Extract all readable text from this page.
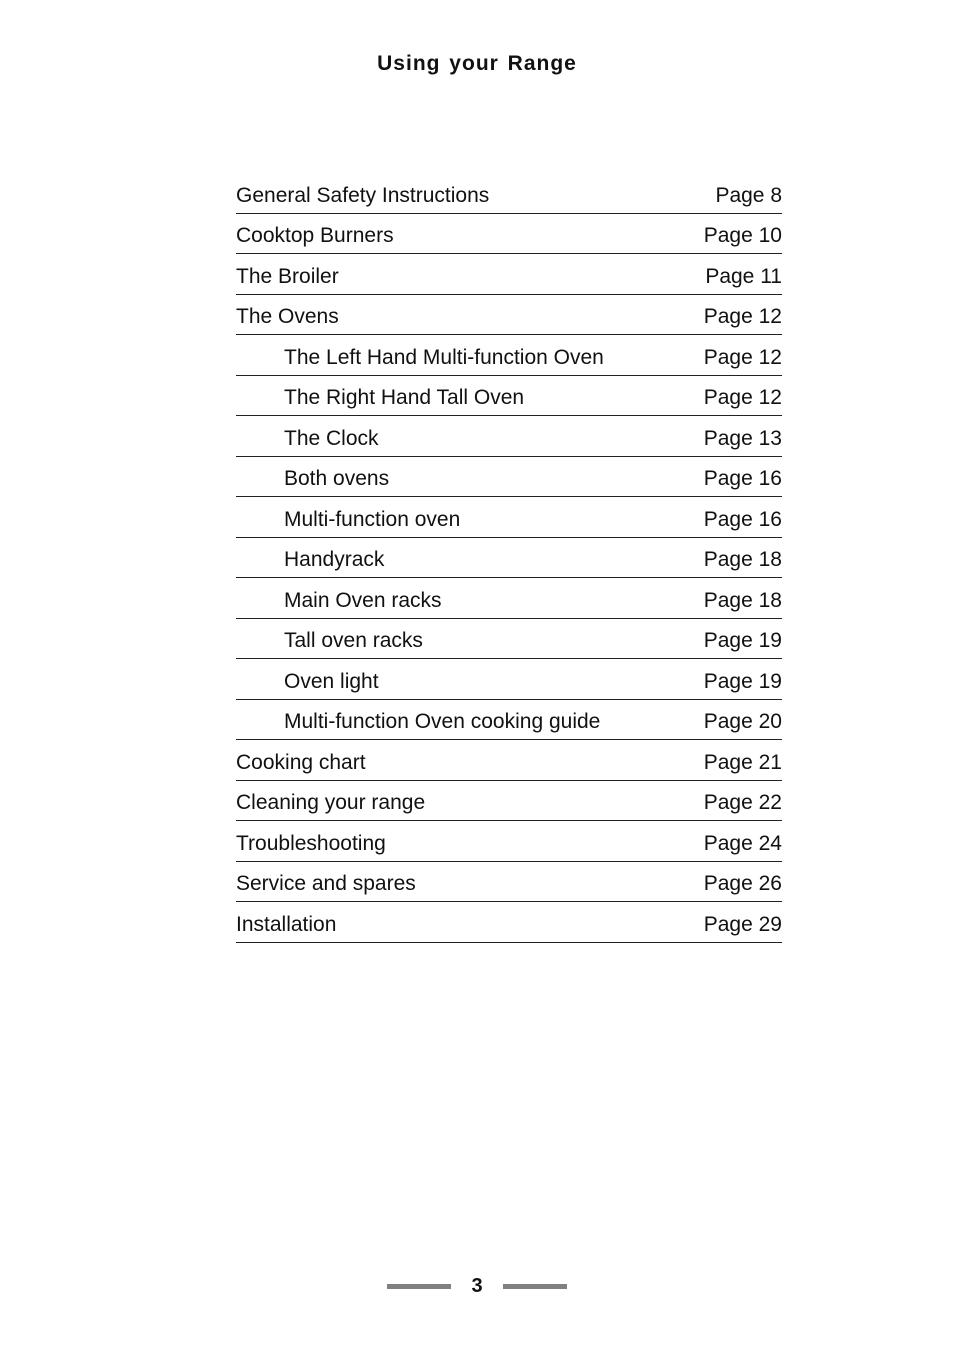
Using your Range
General Safety Instructions	Page 8
Cooktop Burners	Page 10
The Broiler	Page 11
The Ovens	Page 12
The Left Hand Multi-function Oven	Page 12
The Right Hand Tall Oven	Page 12
The Clock	Page 13
Both ovens	Page 16
Multi-function oven	Page 16
Handyrack	Page 18
Main Oven racks	Page 18
Tall oven racks	Page 19
Oven light	Page 19
Multi-function Oven cooking guide	Page 20
Cooking chart	Page 21
Cleaning your range	Page 22
Troubleshooting	Page 24
Service and spares	Page 26
Installation	Page 29
3
